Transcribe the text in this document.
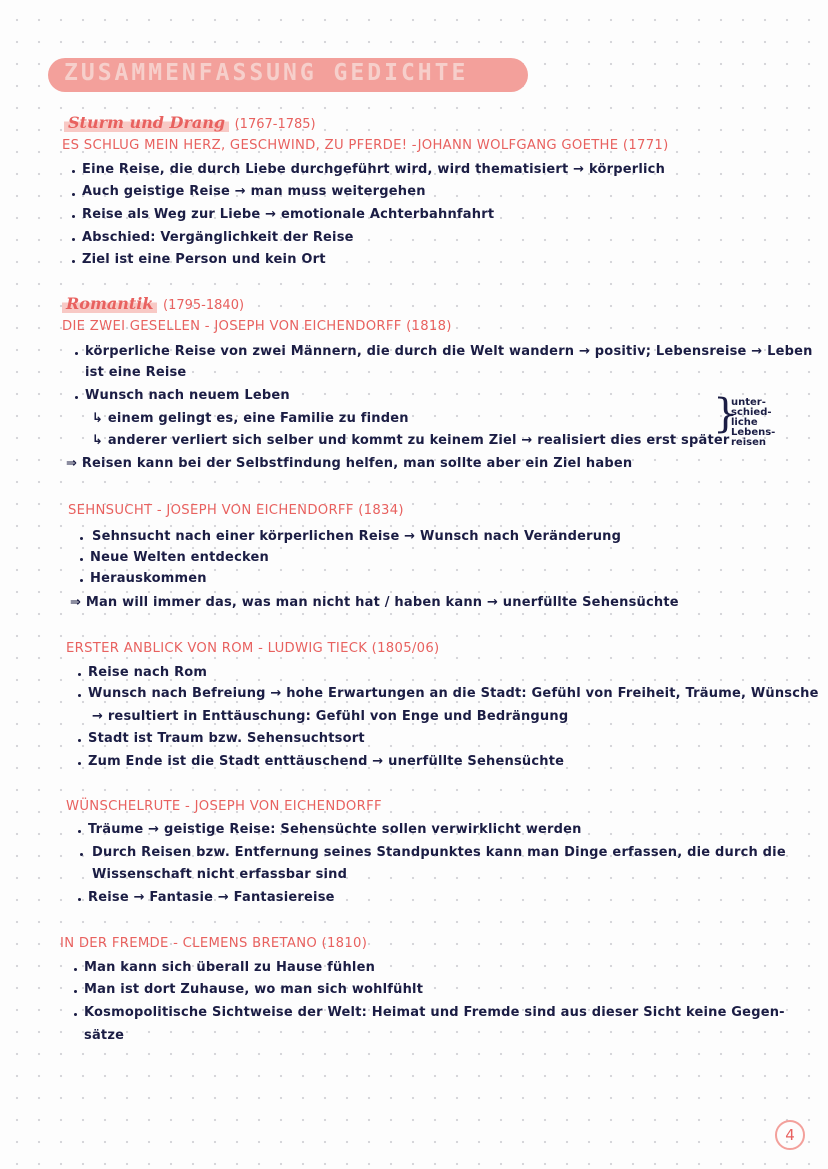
ZUSAMMENFASSUNG GEDICHTE
Sturm und Drang (1767-1785)
ES SCHLUG MEIN HERZ, GESCHWIND, ZU PFERDE! -JOHANN WOLFGANG GOETHE (1771)
Eine Reise, die durch Liebe durchgeführt wird, wird thematisiert → körperlich
Auch geistige Reise → man muss weitergehen
Reise als Weg zur Liebe → emotionale Achterbahnfahrt
Abschied: Vergänglichkeit der Reise
Ziel ist eine Person und kein Ort
Romantik (1795-1840)
DIE ZWEI GESELLEN - JOSEPH VON EICHENDORFF (1818)
körperliche Reise von zwei Männern, die durch die Welt wandern → positiv; Lebensreise → Leben
ist eine Reise
Wunsch nach neuem Leben
↳ einem gelingt es, eine Familie zu finden
↳ anderer verliert sich selber und kommt zu keinem Ziel → realisiert dies erst später
⇒ Reisen kann bei der Selbstfindung helfen, man sollte aber ein Ziel haben
}
unter-schied-liche Lebens-reisen
SEHNSUCHT - JOSEPH VON EICHENDORFF (1834)
Sehnsucht nach einer körperlichen Reise → Wunsch nach Veränderung
Neue Welten entdecken
Herauskommen
⇒ Man will immer das, was man nicht hat / haben kann → unerfüllte Sehensüchte
ERSTER ANBLICK VON ROM - LUDWIG TIECK (1805/06)
Reise nach Rom
Wunsch nach Befreiung → hohe Erwartungen an die Stadt: Gefühl von Freiheit, Träume, Wünsche
→ resultiert in Enttäuschung: Gefühl von Enge und Bedrängung
Stadt ist Traum bzw. Sehensuchtsort
Zum Ende ist die Stadt enttäuschend → unerfüllte Sehensüchte
WÜNSCHELRUTE - JOSEPH VON EICHENDORFF
Träume → geistige Reise: Sehensüchte sollen verwirklicht werden
Durch Reisen bzw. Entfernung seines Standpunktes kann man Dinge erfassen, die durch die
Wissenschaft nicht erfassbar sind
Reise → Fantasie → Fantasiereise
IN DER FREMDE - CLEMENS BRETANO (1810)
Man kann sich überall zu Hause fühlen
Man ist dort Zuhause, wo man sich wohlfühlt
Kosmopolitische Sichtweise der Welt: Heimat und Fremde sind aus dieser Sicht keine Gegen-
sätze
4
